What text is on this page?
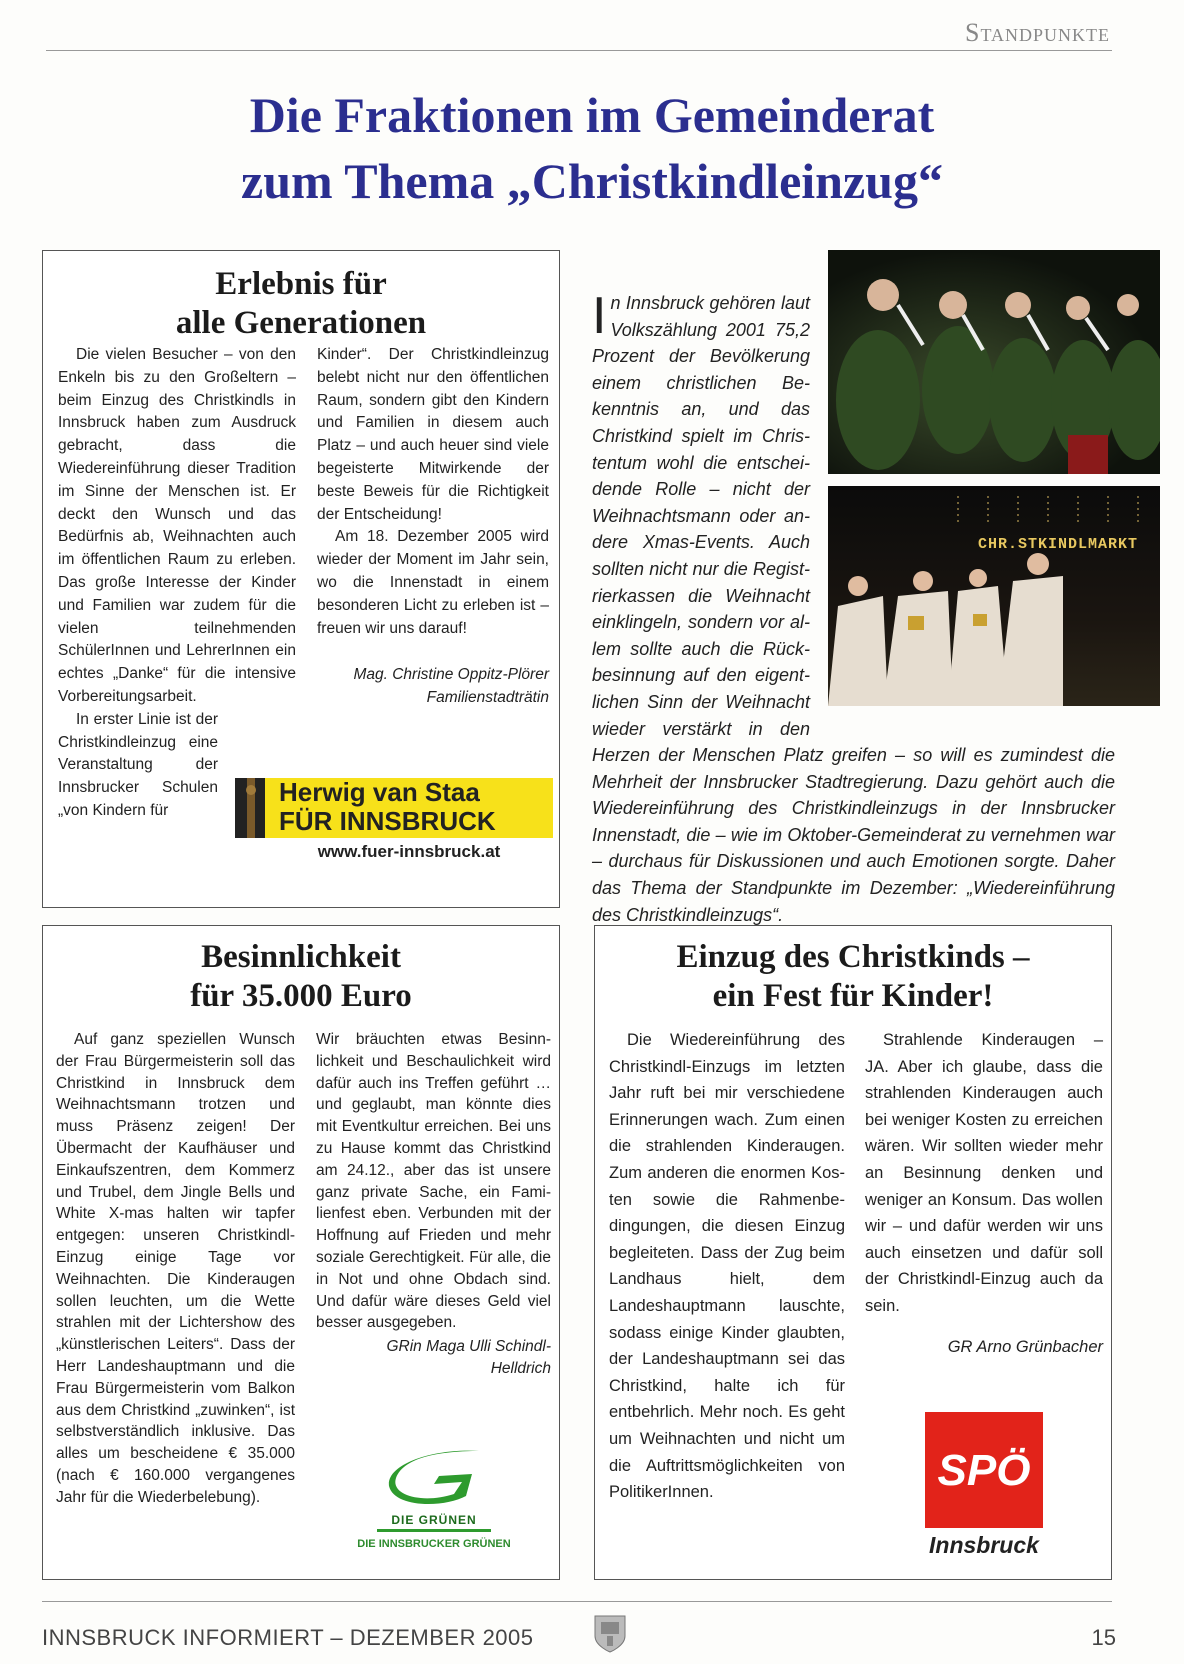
Standpunkte
Die Fraktionen im Gemeinderat
zum Thema „Christkindleinzug“
Erlebnis für
alle Generationen

Die vielen Besucher – von den Enkeln bis zu den Großeltern – beim Einzug des Christkindls in Innsbruck haben zum Ausdruck gebracht, dass die Wiedereinführung dieser Tradition im Sinne der Menschen ist. Er deckt den Wunsch und das Bedürfnis ab, Weihnachten auch im öffentlichen Raum zu erleben. Das große Interesse der Kinder und Familien war zudem für die vielen teilnehmenden SchülerInnen und LehrerInnen ein echtes „Danke“ für die intensive Vorbereitungsarbeit.

In erster Linie ist der Christkindleinzug eine Veranstaltung der Innsbrucker Schulen „von Kindern für

Kinder“. Der Christkindleinzug belebt nicht nur den öffentlichen Raum, sondern gibt den Kindern und Familien in diesem auch Platz – und auch heuer sind viele begeisterte Mitwirkende der beste Beweis für die Richtigkeit der Entscheidung!

Am 18. Dezember 2005 wird wieder der Moment im Jahr sein, wo die Innenstadt in einem besonderen Licht zu erleben ist – freuen wir uns darauf!

Mag. Christine Oppitz-Plörer

Familienstadträtin

Herwig van Staa
FÜR INNSBRUCK
www.fuer-innsbruck.at
CHR.STKINDLMARKT
In Innsbruck gehören laut Volkszählung 2001 75,2 Prozent der Bevölkerung einem christlichen Bekenntnis an, und das Christkind spielt im Christentum wohl die entscheidende Rolle – nicht der Weihnachtsmann oder andere Xmas-Events. Auch sollten nicht nur die Registrierkassen die Weihnacht einklingeln, sondern vor allem sollte auch die Rückbesinnung auf den eigentlichen Sinn der Weihnacht wieder verstärkt in den Herzen der Menschen Platz greifen – so will es zumindest die Mehrheit der Innsbrucker Stadtregierung. Dazu gehört auch die Wiedereinführung des Christkindleinzugs in der Innsbrucker Innenstadt, die – wie im Oktober-Gemeinderat zu vernehmen war – durchaus für Diskussionen und auch Emotionen sorgte. Daher das Thema der Standpunkte im Dezember: „Wiedereinführung des Christkindleinzugs“.
Besinnlichkeit
für 35.000 Euro

Auf ganz speziellen Wunsch der Frau Bürgermeisterin soll das Christkind in Innsbruck dem Weihnachtsmann trotzen und muss Präsenz zeigen! Der Übermacht der Kaufhäuser und Einkaufszentren, dem Kommerz und Trubel, dem Jingle Bells und White X-mas halten wir tapfer entgegen: unseren Christkindl-Einzug einige Tage vor Weihnachten. Die Kinderaugen sollen leuchten, um die Wette strahlen mit der Lichtershow des „künstlerischen Leiters“. Dass der Herr Landeshauptmann und die Frau Bürgermeisterin vom Balkon aus dem Christkind „zuwinken“, ist selbstverständlich inklusive. Das alles um bescheidene € 35.000 (nach € 160.000 vergangenes Jahr für die Wiederbelebung).

Wir bräuchten etwas Besinnlichkeit und Beschaulichkeit wird dafür auch ins Treffen geführt … und geglaubt, man könnte dies mit Eventkultur erreichen. Bei uns zu Hause kommt das Christkind am 24.12., aber das ist unsere ganz private Sache, ein Familienfest eben. Verbunden mit der Hoffnung auf Frieden und mehr soziale Gerechtigkeit. Für alle, die in Not und ohne Obdach sind. Und dafür wäre dieses Geld viel besser ausgegeben.

GRin Maga Ulli Schindl-

Helldrich

DIE GRÜNEN
DIE INNSBRUCKER GRÜNEN
Einzug des Christkinds –
ein Fest für Kinder!

Die Wiedereinführung des Christkindl-Einzugs im letzten Jahr ruft bei mir verschiedene Erinnerungen wach. Zum einen die strahlenden Kinderaugen. Zum anderen die enormen Kosten sowie die Rahmenbedingungen, die diesen Einzug begleiteten. Dass der Zug beim Landhaus hielt, dem Landeshauptmann lauschte, sodass einige Kinder glaubten, der Landeshauptmann sei das Christkind, halte ich für entbehrlich. Mehr noch. Es geht um Weihnachten und nicht um die Auftrittsmöglichkeiten von PolitikerInnen.

Strahlende Kinderaugen – JA. Aber ich glaube, dass die strahlenden Kinderaugen auch bei weniger Kosten zu erreichen wären. Wir sollten wieder mehr an Besinnung denken und weniger an Konsum. Das wollen wir – und dafür werden wir uns auch einsetzen und dafür soll der Christkindl-Einzug auch da sein.

GR Arno Grünbacher

SPÖ
Innsbruck
INNSBRUCK INFORMIERT – DEZEMBER 2005	15
